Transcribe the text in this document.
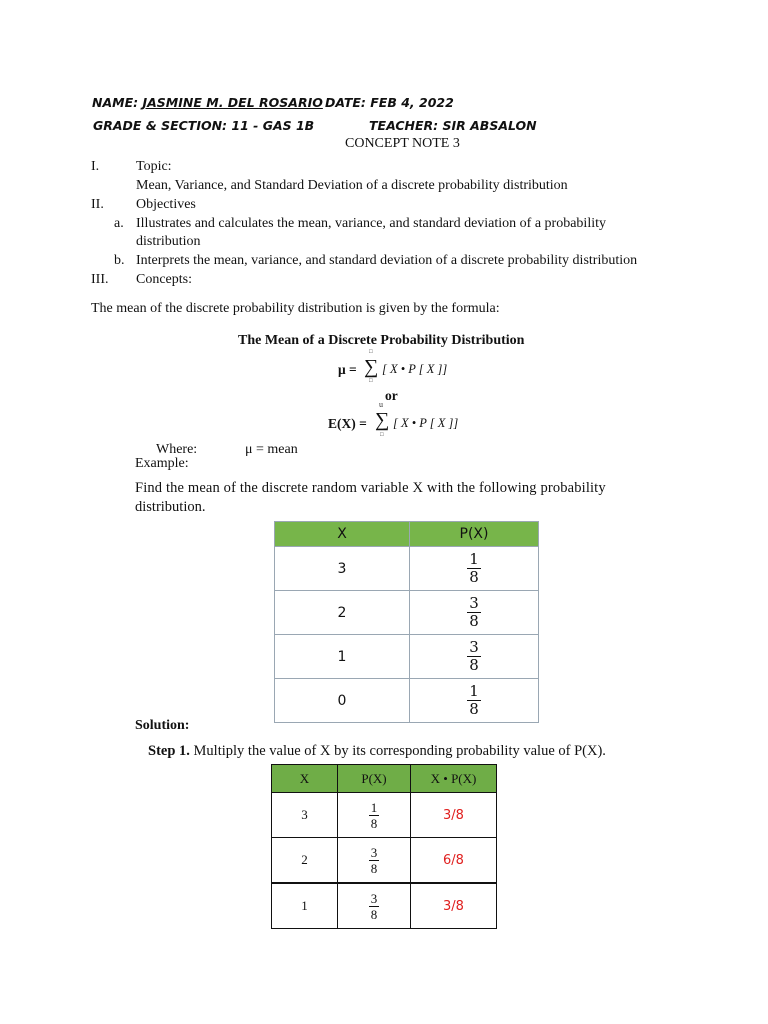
NAME: JASMINE M. DEL ROSARIO DATE: FEB 4, 2022
GRADE & SECTION: 11 - GAS 1B	TEACHER: SIR ABSALON
CONCEPT NOTE 3
I.	Topic:
Mean, Variance, and Standard Deviation of a discrete probability distribution
II. Objectives
a. Illustrates and calculates the mean, variance, and standard deviation of a probability
distribution
b. Interprets the mean, variance, and standard deviation of a discrete probability distribution
III. Concepts:
The mean of the discrete probability distribution is given by the formula:
The Mean of a Discrete Probability Distribution
μ =
□
∑
□
[ X • P [ X ]]
or
E(X) =
u
∑
□
[ X • P [ X ]]
Where:	μ = mean
Example:
Find the mean of the discrete random variable X with the following probability
distribution.
X	P(X)
3	$\frac{1}{8}$

2	$\frac{3}{8}$

1	$\frac{3}{8}$

0	$\frac{1}{8}$
Solution:
Step 1. Multiply the value of X by its corresponding probability value of P(X).
X	P(X)	X • P(X)
3	$\frac{1}{8}$	3/8
2	$\frac{3}{8}$	6/8
1	$\frac{3}{8}$	3/8
